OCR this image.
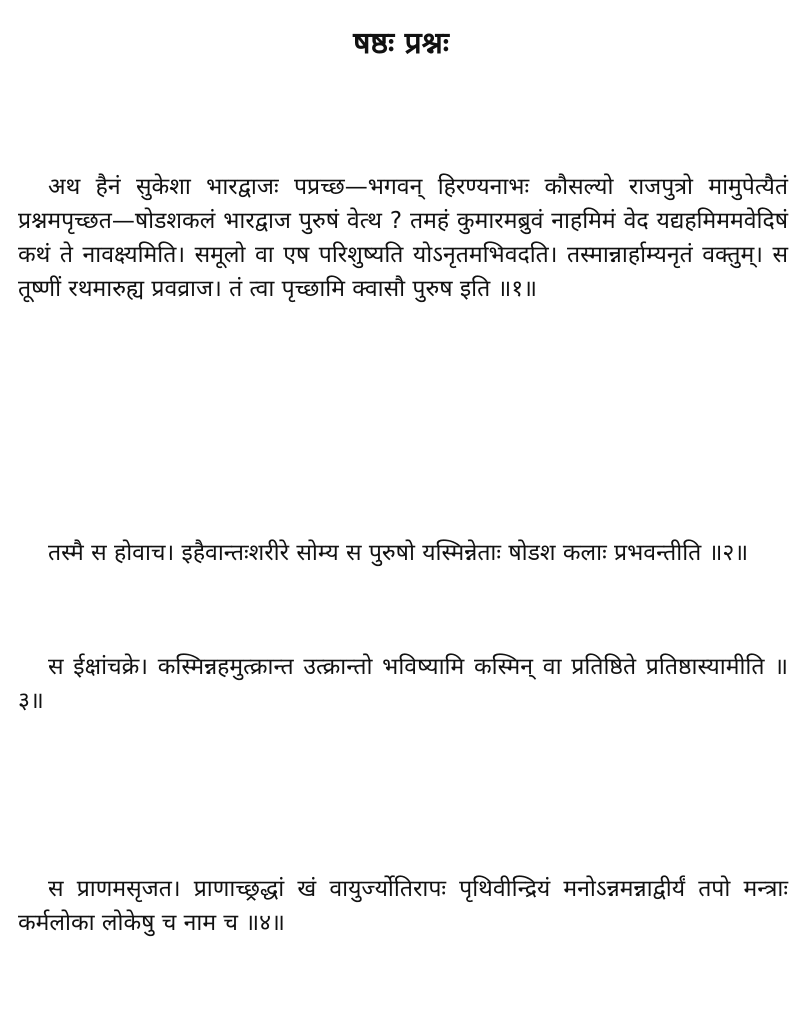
षष्ठः प्रश्नः

अथ हैनं सुकेशा भारद्वाजः पप्रच्छ—भगवन् हिरण्यनाभः कौसल्यो राजपुत्रो मामुपेत्यैतं प्रश्नमपृच्छत—षोडशकलं भारद्वाज पुरुषं वेत्थ ? तमहं कुमारमब्रुवं नाहमिमं वेद यद्यहमिममवेदिषं कथं ते नावक्ष्यमिति। समूलो वा एष परिशुष्यति योऽनृतमभिवदति। तस्मान्नार्हाम्यनृतं वक्तुम्। स तूष्णीं रथमारुह्य प्रवव्राज। तं त्वा पृच्छामि क्वासौ पुरुष इति ॥१॥

तस्मै स होवाच। इहैवान्तःशरीरे सोम्य स पुरुषो यस्मिन्नेताः षोडश कलाः प्रभवन्तीति ॥२॥

स ईक्षांचक्रे। कस्मिन्नहमुत्क्रान्त उत्क्रान्तो भविष्यामि कस्मिन् वा प्रतिष्ठिते प्रतिष्ठास्यामीति ॥३॥

स प्राणमसृजत। प्राणाच्छ्रद्धां खं वायुर्ज्योतिरापः पृथिवीन्द्रियं मनोऽन्नमन्नाद्वीर्यं तपो मन्त्राः कर्मलोका लोकेषु च नाम च ॥४॥
